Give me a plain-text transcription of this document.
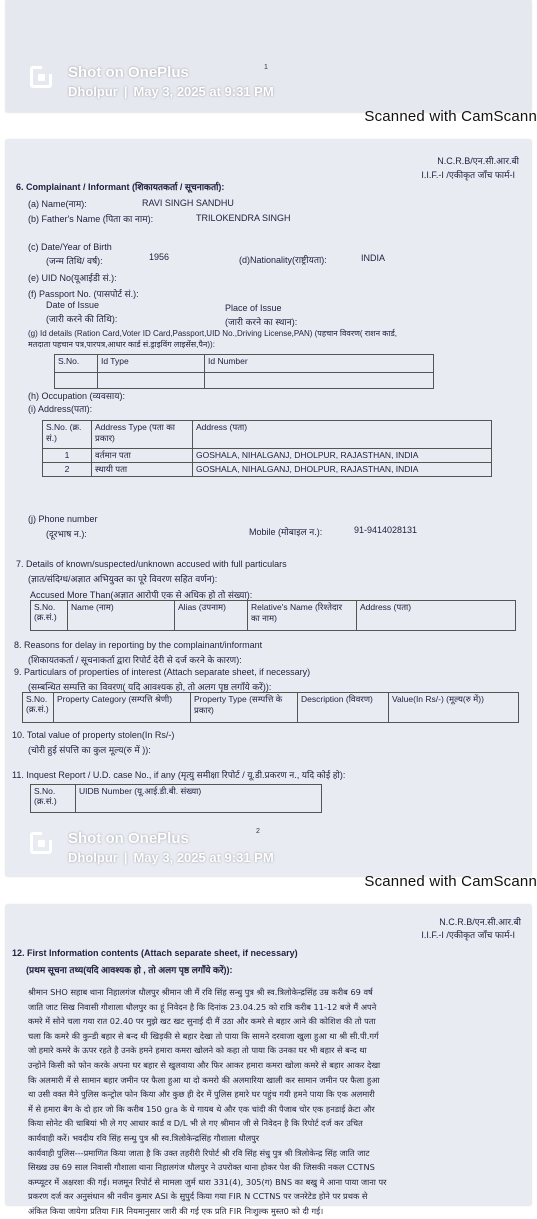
1
Shot on OnePlus
Dholpur | May 3, 2025 at 9:31 PM
Scanned with CamScann
N.C.R.B/एन.सी.आर.बी
I.I.F.-I /एकीकृत जाँच फार्म-I
6. Complainant / Informant (शिकायतकर्ता / सूचनाकर्ता):
(a) Name(नाम):	RAVI SINGH SANDHU
(b) Father's Name (पिता का नाम):	TRILOKENDRA SINGH
(c) Date/Year of Birth
(जन्म तिथि/ वर्ष):	1956	(d)Nationality(राष्ट्रीयता):	INDIA
(e) UID No(यूआईडी सं.):
(f) Passport No. (पासपोर्ट सं.):
Date of Issue
(जारी करने की तिथि):
Place of Issue
(जारी करने का स्थान):
(g) Id details (Ration Card,Voter ID Card,Passport,UID No.,Driving License,PAN) (पहचान विवरण( राशन कार्ड,
मतदाता पहचान पत्र,पारपत्र,आधार कार्ड सं.ड्राइविंग लाइसेंस,पैन)):
S.No.	Id Type	Id Number

(h) Occupation (व्यवसाय):
(i) Address(पता):
S.No. (क्र. सं.)	Address Type (पता का प्रकार)	Address (पता)
1	वर्तमान पता	GOSHALA, NIHALGANJ, DHOLPUR, RAJASTHAN, INDIA
2	स्थायी पता	GOSHALA, NIHALGANJ, DHOLPUR, RAJASTHAN, INDIA
(j) Phone number
(दूरभाष न.):	Mobile (मोबाइल न.):	91-9414028131
7. Details of known/suspected/unknown accused with full particulars
(ज्ञात/संदिग्ध/अज्ञात अभियुक्त का पूरे विवरण सहित वर्णन):
Accused More Than(अज्ञात आरोपी एक से अधिक हो तो संख्या):
S.No. (क्र.सं.)	Name (नाम)	Alias (उपनाम)	Relative's Name (रिश्तेदार का नाम)	Address (पता)
8. Reasons for delay in reporting by the complainant/informant
(शिकायतकर्ता / सूचनाकर्ता द्वारा रिपोर्ट देरी से दर्ज करने के कारण):
9. Particulars of properties of interest (Attach separate sheet, if necessary)
(सम्बन्धित सम्पत्ति का विवरण( यदि आवश्यक हो, तो अलग पृष्ठ लगाँये करें)):
S.No. (क्र.सं.)	Property Category (सम्पत्ति श्रेणी)	Property Type (सम्पत्ति के प्रकार)	Description (विवरण)	Value(In Rs/-) (मूल्य(रु में))
10. Total value of property stolen(In Rs/-)
(चोरी हुई संपत्ति का कुल मूल्य(रु में )):
11. Inquest Report / U.D. case No., if any (मृत्यु समीक्षा रिपोर्ट / यू.डी.प्रकरण न., यदि कोई हो):
S.No. (क्र.सं.)	UIDB Number (यू.आई.डी.बी. संख्या)
2
Shot on OnePlus
Dholpur | May 3, 2025 at 9:31 PM
Scanned with CamScann
N.C.R.B/एन.सी.आर.बी
I.I.F.-I /एकीकृत जाँच फार्म-I
12. First Information contents (Attach separate sheet, if necessary)
(प्रथम सूचना तथ्य(यदि आवश्यक हो , तो अलग पृष्ठ लगाँये करें)):
श्रीमान SHO सहाब थाना निहालगंज धौलपुर श्रीमान जी मैं रवि सिंह सन्धु पुत्र श्री स्व.त्रिलोकेन्द्रसिंह उम्र करीब 69 वर्ष
जाति जाट सिख निवासी गौशाला धौलपुर का हूं निवेदन है कि दिनांक 23.04.25 को रात्रि करीब 11-12 बजे मैं अपने
कमरे में सोने चला गया रात 02.40 पर मुझे खट खट सुनाई दी मैं उठा और कमरे से बहार आने की कोशिश की तो पता
चला कि कमरे की कुन्डी बहार से बन्द थी खिड़की से बहार देखा तो पाया कि सामने दरवाजा खुला हुआ था श्री सी.पी.गर्ग
जो हमारे कमरे के ऊपर रहते है उनके हमने हमारा कमरा खोलने को कहा तो पाया कि उनका घर भी बहार से बन्द था
उन्होने किसी को फोन करके अपना घर बहार से खुलवाया और फिर आकर हमारा कमरा खोला कमरे से बहार आकर देखा
कि अलमारी में से सामान बहार जमीन पर फैला हुआ था दो कमरो की अलमारिया खाली कर सामान जमीन पर फैला हुआ
था उसी वक्त मैने पुलिस कन्ट्रोल फोन किया और कुछ ही देर में पुलिस हमारे घर पहुंच गयी हमने पाया कि एक अलमारी
में से हमारा बैग के दो हार जो कि करीब 150 gra के थे गायब थे और एक चांदी की पैजाब चोर एक हनडाई क्रेटा और
किया सोनेट की चाबियां भी ले गए आधार कार्ड व D/L भी ले गए श्रीमान जी से निवेदन है कि रिपोर्ट दर्ज कर उचित
कार्यवाही करें। भवदीय रवि सिंह सन्धु पुत्र श्री स्व.त्रिलोकेन्द्रसिंह गौशाला धौलपुर
कार्यवाही पुलिस---प्रमाणित किया जाता है कि उक्त तहरीरी रिपोर्ट श्री रवि सिंह संधु पुत्र श्री त्रिलोकेन्द्र सिंह जाति जाट
सिख्ख उम्र 69 साल निवासी गौशाला थाना निहालगंज धौलपुर ने उपरोक्त थाना होकर पेश की जिसकी नकल CCTNS
कम्प्यूटर में अक्षरशः की गई। मजमून रिपोर्ट से मामला जुर्म धारा 331(4), 305(ग) BNS का बखु मे आना पाया जाना पर
प्रकरण दर्ज कर अनुसंधान श्री नवीन कुमार ASI के सुपुर्द किया गया FIR N CCTNS पर जनरेटेड होने पर प्रथक से
अंकित किया जायेगा प्रतिया FIR नियमानुसार जारी की गई एक प्रति FIR निःशुल्क मुस्त0 को दी गई।
